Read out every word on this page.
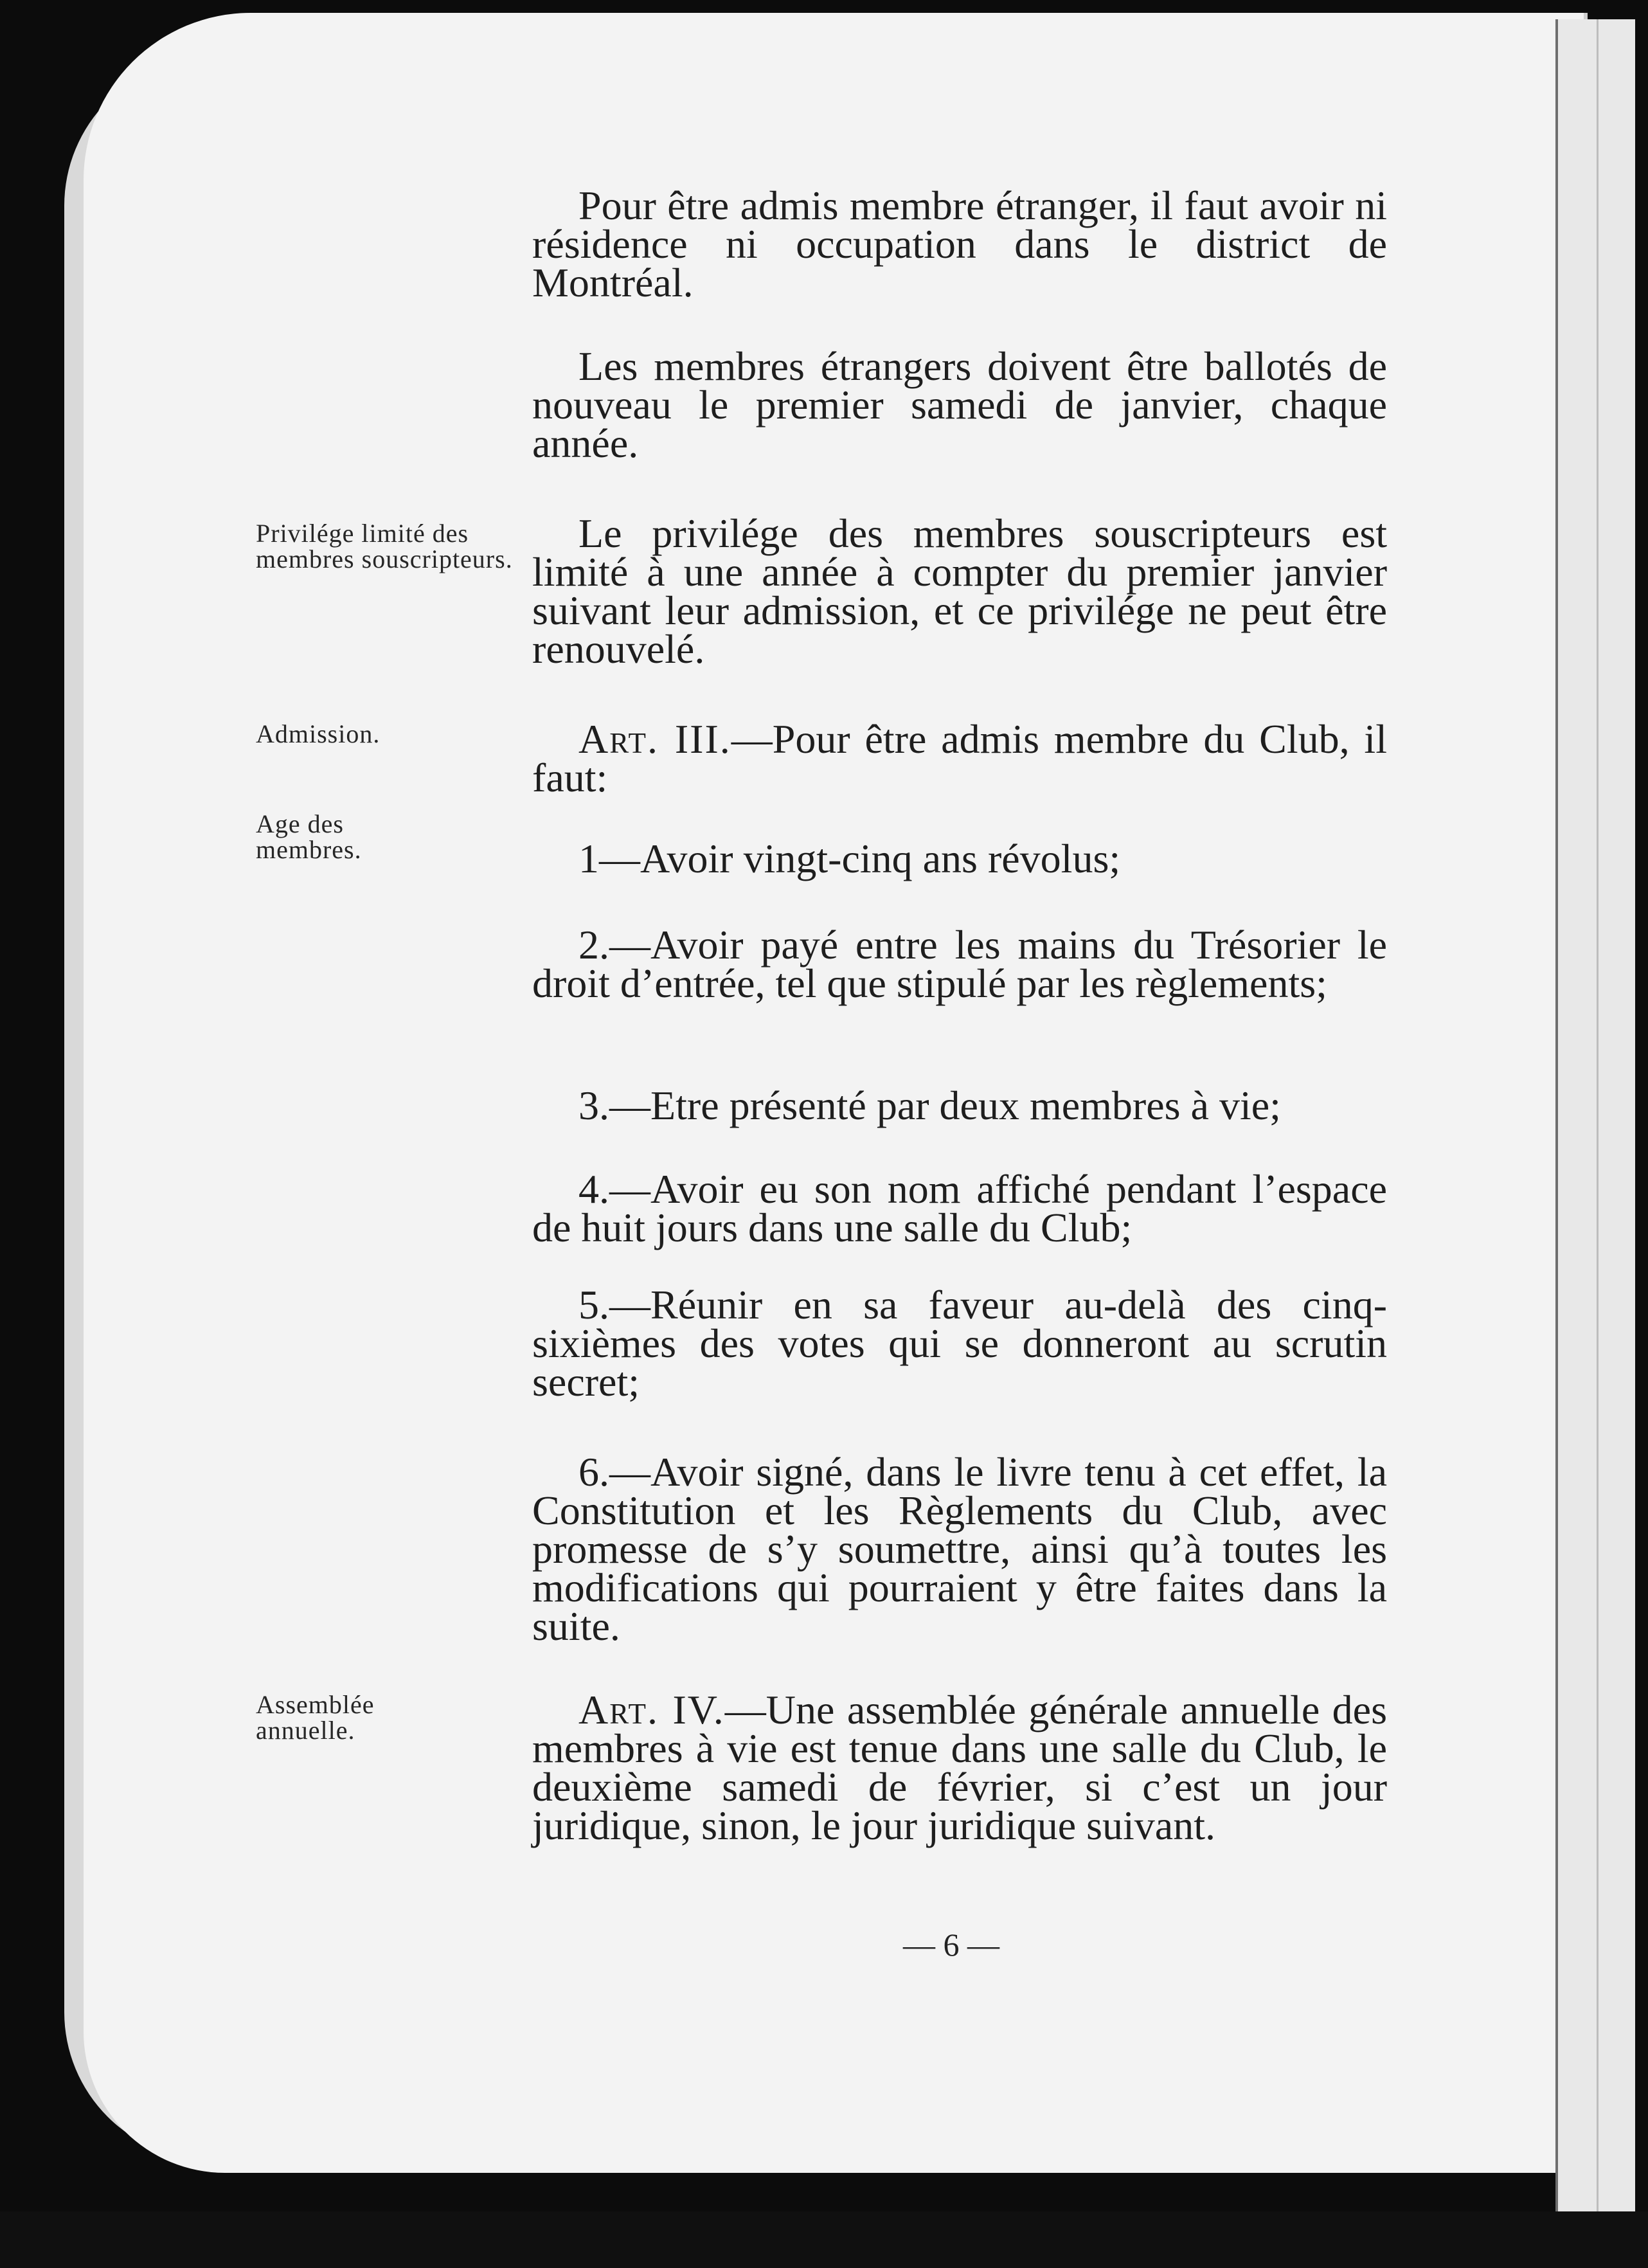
Pour être admis membre étranger, il faut avoir ni résidence ni occupation dans le district de Montréal.
Les membres étrangers doivent être ballotés de nouveau le premier samedi de janvier, chaque année.
Le privilége des membres souscripteurs est limité à une année à compter du premier janvier suivant leur admission, et ce privilége ne peut être renouvelé.
Art. III.—Pour être admis membre du Club, il faut:
1—Avoir vingt-cinq ans révolus;
2.—Avoir payé entre les mains du Trésorier le droit d’entrée, tel que stipulé par les règlements;
3.—Etre présenté par deux membres à vie;
4.—Avoir eu son nom affiché pendant l’espace de huit jours dans une salle du Club;
5.—Réunir en sa faveur au-delà des cinq-sixièmes des votes qui se donneront au scrutin secret;
6.—Avoir signé, dans le livre tenu à cet effet, la Constitution et les Règlements du Club, avec promesse de s’y soumettre, ainsi qu’à toutes les modifications qui pourraient y être faites dans la suite.
Art. IV.—Une assemblée générale annuelle des membres à vie est tenue dans une salle du Club, le deuxième samedi de février, si c’est un jour juridique, sinon, le jour juridique suivant.
Privilége limité des membres souscripteurs.
Admission.
Age des membres.
Assemblée annuelle.
— 6 —
